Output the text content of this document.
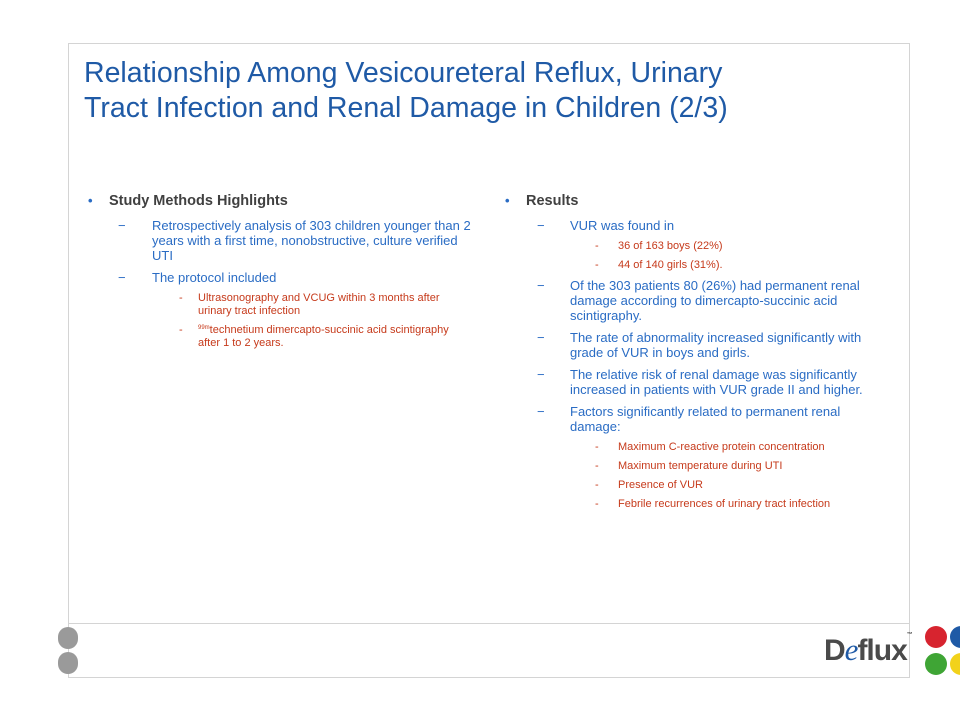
Relationship Among Vesicoureteral Reflux, Urinary
Tract Infection and Renal Damage in Children (2/3)
•	Study Methods Highlights
−	Retrospectively analysis of 303 children younger than 2 years with a first time, nonobstructive, culture verified UTI
−	The protocol included
-	Ultrasonography and VCUG within 3 months after urinary tract infection
-	$^{99m}$technetium dimercapto-succinic acid scintigraphy after 1 to 2 years.
•	Results
−	VUR was found in
-	36 of 163 boys (22%)
-	44 of 140 girls (31%).
−	Of the 303 patients 80 (26%) had permanent renal damage according to dimercapto-succinic acid scintigraphy.
−	The rate of abnormality increased significantly with grade of VUR in boys and girls.
−	The relative risk of renal damage was significantly increased in patients with VUR grade II and higher.
−	Factors significantly related to permanent renal damage:
-	Maximum C-reactive protein concentration
-	Maximum temperature during UTI
-	Presence of VUR
-	Febrile recurrences of urinary tract infection
Deflux™
